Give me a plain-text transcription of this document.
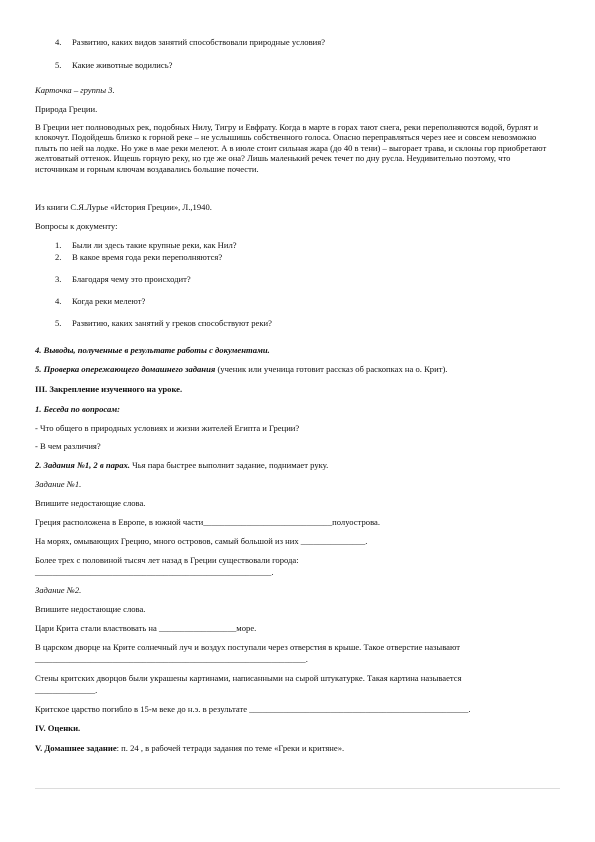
4.	Развитию, каких видов занятий способствовали природные условия?
5.	Какие животные водились?

Карточка – группы 3.

Природа Греции.

В Греции нет полноводных рек, подобных Нилу, Тигру и Евфрату. Когда в марте в горах тают снега, реки переполняются водой, бурлят и клокочут. Подойдешь близко к горной реке – не услышишь собственного голоса. Опасно переправляться через нее и совсем невозможно плыть по ней на лодке. Но уже в мае реки мелеют. А в июле стоит сильная жара (до 40 в тени) – выгорает трава, и склоны гор приобретают желтоватый оттенок. Ищешь горную реку, но где же она? Лишь маленький речек течет по дну русла. Неудивительно поэтому, что источникам и горным ключам воздавались большие почести.

Из книги С.Я.Лурье «История Греции», Л.,1940.

Вопросы к документу:

1.	Были ли здесь такие крупные реки, как Нил?
2.	В какое время года реки переполняются?
3.	Благодаря чему это происходит?
4.	Когда реки мелеют?
5.	Развитию, каких занятий у греков способствуют реки?

4. Выводы, полученные в результате работы с документами.

5. Проверка опережающего домашнего задания (ученик или ученица готовит рассказ об раскопках на о. Крит).

III. Закрепление изученного на уроке.

1. Беседа по вопросам:

- Что общего в природных условиях и жизни жителей Египта и Греции?

- В чем различия?

2. Задания №1, 2 в парах. Чья пара быстрее выполнит задание, поднимает руку.

Задание №1.

Впишите недостающие слова.

Греция расположена в Европе, в южной части______________________________полуострова.

На морях, омывающих Грецию, много островов, самый большой из них _______________.

Более трех с половиной тысяч лет назад в Греции существовали города:

_______________________________________________________.

Задание №2.

Впишите недостающие слова.

Цари Крита стали властвовать на __________________море.

В царском дворце на Крите солнечный луч и воздух поступали через отверстия в крыше. Такое отверстие называют

_______________________________________________________________.

Стены критских дворцов были украшены картинами, написанными на сырой штукатурке. Такая картина называется

______________.

Критское царство погибло в 15-м веке до н.э. в результате ___________________________________________________.

IV. Оценки.

V. Домашнее задание: п. 24 , в рабочей тетради задания по теме «Греки и критяне».
